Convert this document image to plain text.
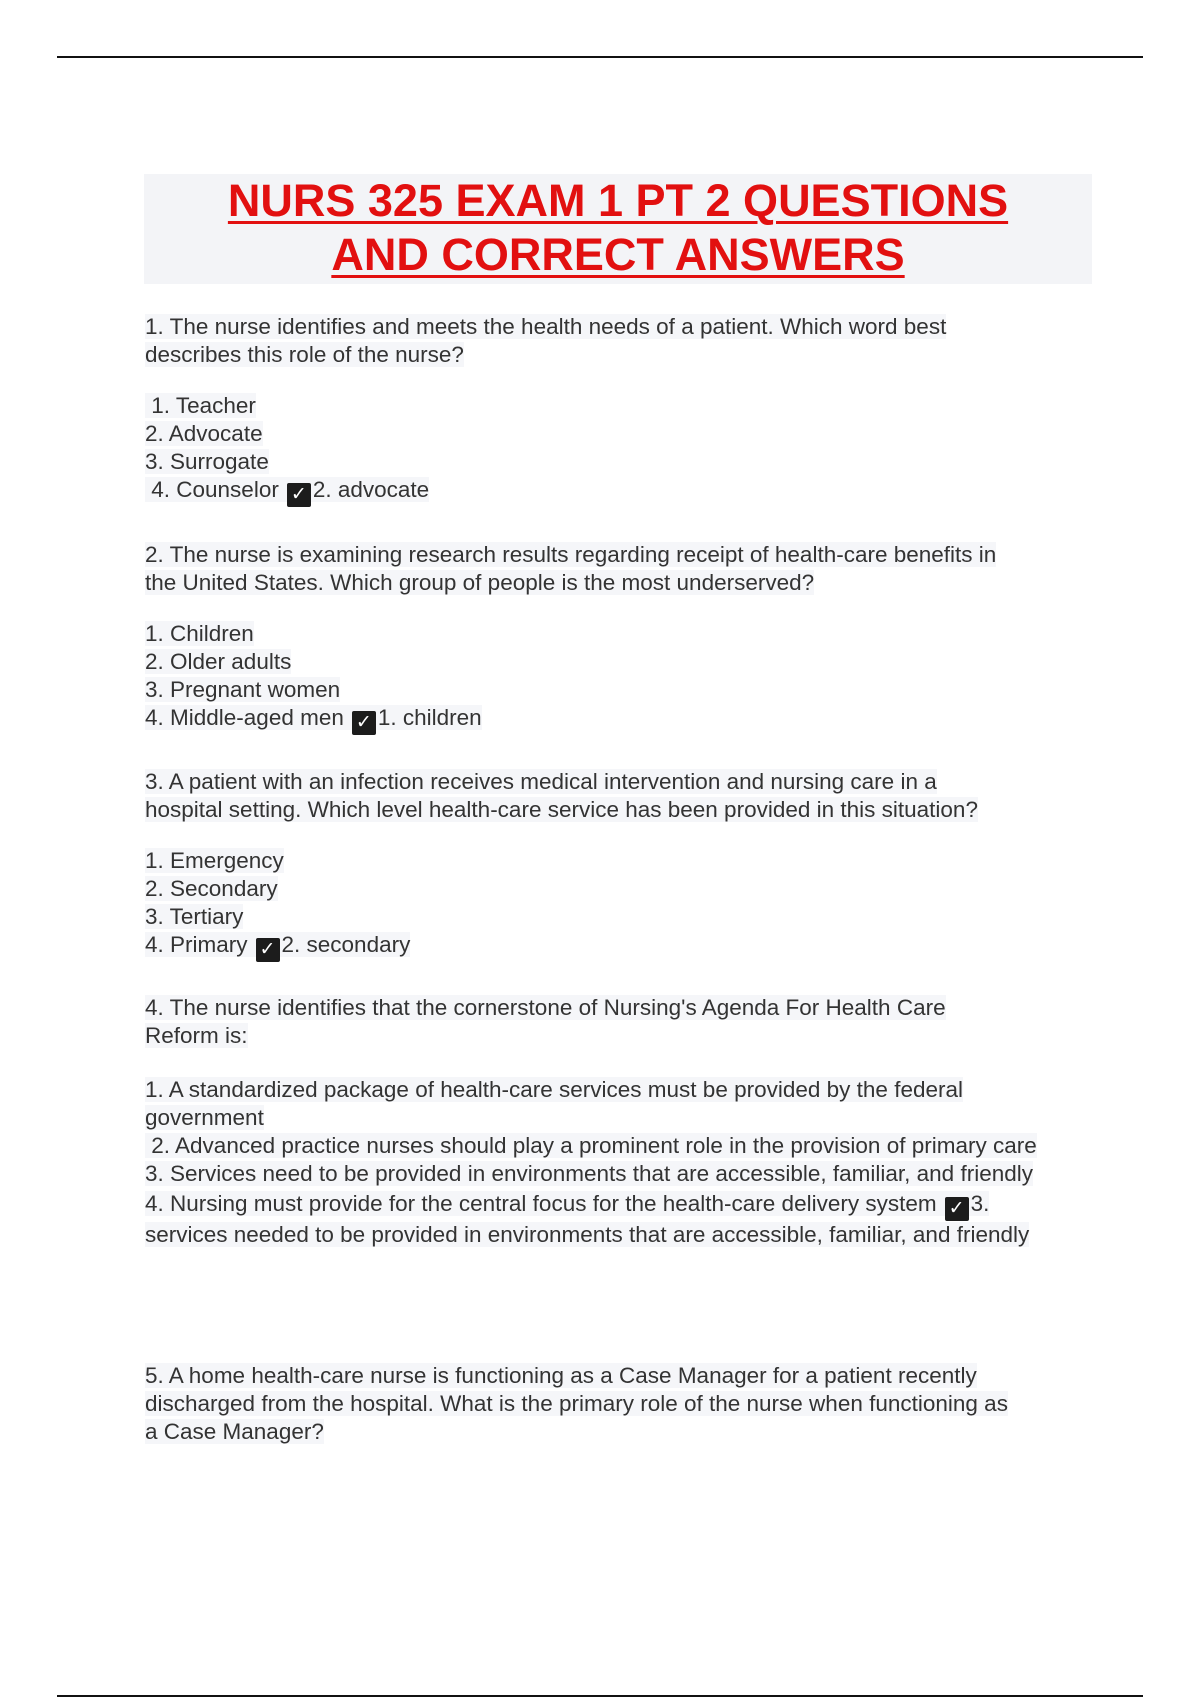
NURS 325 EXAM 1 PT 2 QUESTIONS
AND CORRECT ANSWERS
1. The nurse identifies and meets the health needs of a patient. Which word best
describes this role of the nurse?
1. Teacher
2. Advocate
3. Surrogate
4. Counselor ✓ 2. advocate
2. The nurse is examining research results regarding receipt of health-care benefits in
the United States. Which group of people is the most underserved?
1. Children
2. Older adults
3. Pregnant women
4. Middle-aged men ✓ 1. children
3. A patient with an infection receives medical intervention and nursing care in a
hospital setting. Which level health-care service has been provided in this situation?
1. Emergency
2. Secondary
3. Tertiary
4. Primary ✓ 2. secondary
4. The nurse identifies that the cornerstone of Nursing's Agenda For Health Care
Reform is:
1. A standardized package of health-care services must be provided by the federal government
2. Advanced practice nurses should play a prominent role in the provision of primary care
3. Services need to be provided in environments that are accessible, familiar, and friendly
4. Nursing must provide for the central focus for the health-care delivery system ✓ 3. services needed to be provided in environments that are accessible, familiar, and friendly
5. A home health-care nurse is functioning as a Case Manager for a patient recently
discharged from the hospital. What is the primary role of the nurse when functioning as
a Case Manager?
